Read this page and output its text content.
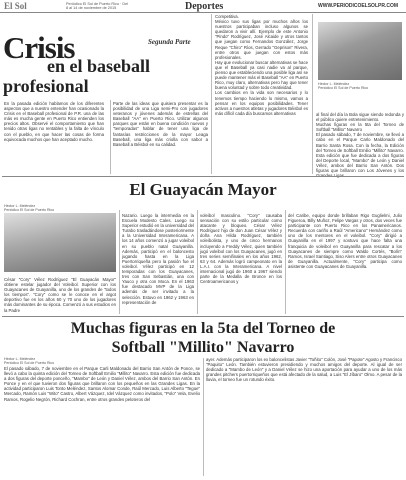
El Sol	Periódico El Sol de Puerto Rico · Del 8 al 14 de noviembre de 2015	Deportes	WWW.PERIODICOELSOLPR.COM
Crisis
en el baseball
profesional
Segunda Parte
En la pasada edición hablamos de los diferentes aspectos que a nuestro entender han ocasionado la Crisis en el Baseball profesional de P.R. una de las más es mucha gente en Puerto Rico entienden los precios altos. Observé el comportamiento que han tenido otras ligas no rentables y la falta de vínculo con el pueblo, en que hacer las cosas de forma equivocada muchos que han aceptado mucho.
Parte de las ideas que quisiera presentar es la posibilidad de una Liga semi-Pro con jugadores veteranos y jóvenes además de estrellas del Baseball "AA" en Puerto Rico. Utilizar algunos parques que están en buena condición nuevos y "temporadas" hablar de tener una liga de fantasías restricciones de la mayor Leaga Baseball, una liga más criolla con sabor a Baseball a Béisbol en su calidad.
Competitiva.
México tuvo sus ligas por muchos años los nuestros participaban incluso algunos se quedaron a vivir allí. Ejemplo de este Antonio "Pindo" Rodríguez, José Alcaide y otros tantos que juegan como Fernandos González, Jorge Reque "Chiro" Ríos, Gerrado "Geprison" Rivera, entre otros que juegan con estos más profesionales.
Hay que evolucionar buscar alternativas se hace que el Baseball ya casi nadie va al parque, pienso que estableciendo una posible liga así se puede mantener más el Baseball "AA" en Puerto Rico, muy claro, alternativas pero hay que tener buena voluntad y sobre todo creatividad.
Los cambios en la vida son necesarios y lo tenemos tiempo haciendo lo mismo, vamos a pensar en los equipos posibilidades. Tener activos a nuestros atletas y jugadores Béisbol es más difícil cada día buscamos alternativas
Héctor L. Meléndez
Periódico El Sol de Puerto Rico
al final del día la Bola sigue siendo redonda y el público quiere entretenimiento.
Muchas figuras en la 5ta del Torneo de Softball "Millito" Navarro
El pasado sábado, 7 de noviembre, se llevó a cabo en el Parque Carlo Maldonado del Barrio Santa Rosa. Con la fecha, la Edición del Torneo de Softball Emilio "Millito" Navarro. Esta edición que fue dedicada a dos figuras del Deporte local, "Mambo" de León y Daniel Vélez, ambos del Barrio San Antón. Dos figuras que brillaron con Los Jóvenes y los
El Guayacán Mayor
Héctor L. Meléndez
Periódico El Sol de Puerto Rico
César "Cory" Vélez Rodríguez "El Guayacán Mayor" obtiene estelar jugador del Voleibol. Superior con los Guayacanes de Guayanilla, uno de los grandes de "todos los tiempos". "Cory" como se le conoce en el argot deportivo fue en los años 60 y 70 uno de los jugadores más dominantes de su época. Comenzó a sus estudios en la Padre
Nazario. Luego la intermedia en la Escuela Modesto Cales. Luego su Superior estudió en la universidad del Turabo trasladándose posteriormente a la Universidad Interamericana. A los 14 años comenzó a jugar voleibol en su pueblo natal Guayanilla. Además, participó en el baloncesto jugando hasta en la Liga Puertorriqueña pero la pasión fue el voleibol. Vélez participó en 12 temporadas con los Guayacanes, tres con San Sebastián, una con Yauco y otra con Moca. En el 1963 fue destacado MVP de la Liga además de ser invitado a la selección. Estuvo en 1962 y 1963 en representación de
voleibol masculino. "Cory" causaba sensación con su estilo particular como atacante y bloqueo. César Vélez Rodríguez hijo de don Juan César Vélez y doña Ana Hilda Rodríguez, también voleibolista, y uno de cinco hermanos incluyendo a Freddy Vélez, quien también jugó voleibol con los Guayacanes, jugó en tres series semifinales en los años 1962, 63 y 64. Además logró campeonato en la L.A.I. con la Interamericana. A nivel internacional jugó de 1960 a 1967 siendo parte de la Medalla de Bronce en los Centroamericanos y
del Caribe, equipo donde brillaban Rigo Guglielmi, Julio Figueroa, Billy Muñoz, Felipe Vargas y otros, dos veces fue participante con Puerto Rico en los Panamericanos. Recuerda con cariño a Raúl "Americano" Hernández como uno de los mentores en el voleibol. "Cory" dirigió a Guayanilla en el 1997 y sostuvo que hace falta una franquicia de voleibol en Guayanilla para rescatar a los Guayacanes de siempre como Waldo Cortés, "Bolín" Ramos, Israel Santiago, Siso Alers entre otros Guayacanes de Guayanilla. Actualmente, "Cory" participa como asistente con Guayacanes de Guayanilla.
Muchas figuras en la 5ta del Torneo de
Softball "Millito" Navarro
Héctor L. Meléndez
Periódico El Sol de Puerto Rico
El pasado sábado, 7 de noviembre en el Parque Carli Maldonado del Barrio San Antón de Ponce, se llevó a cabo la quinta edición del Torneo de Softball Emilio "Millito" Navarro. Esta edición fue dedicada a dos figuras del deporte ponceño, "Mambo" de León y Daniel Vélez, ambos del Barrio San Antón. En Ponce y en el que tuvieron dos figuras que brillaron con los pequeños en las Grandes Ligas. En la actividad participaron Luis Tonto Meléndez, Santos Alomar Conde, Raúl Mercado, Luis Alberto "Tegue" Mercado, Ramón Luis "Wito" Castro, Albert Vázquez, Idel Vázquez como invitados, "Polo" Vela, Evelio Ramos, Rogelio Negrón, Richard Cochran, entre otros grandes peloteros del
ayer. Además participaron los ex baloncelistas Javier "Toñito" Colón, José "Papote" Agosto y Francisco "Paquito" León. También estuvieron presidiendo y muchos amigos del deporte. Al igual de ser dedicado a "Mambo de León" y a Daniel Vélez se hizo una aportación para ayudar a uno de los más grandes pitchers puertorriqueños que está afectado de la salud, a Luis "El Jíbaro" Olmo. A pesar de la lluvia, el torneo fue un rotundo éxito.
